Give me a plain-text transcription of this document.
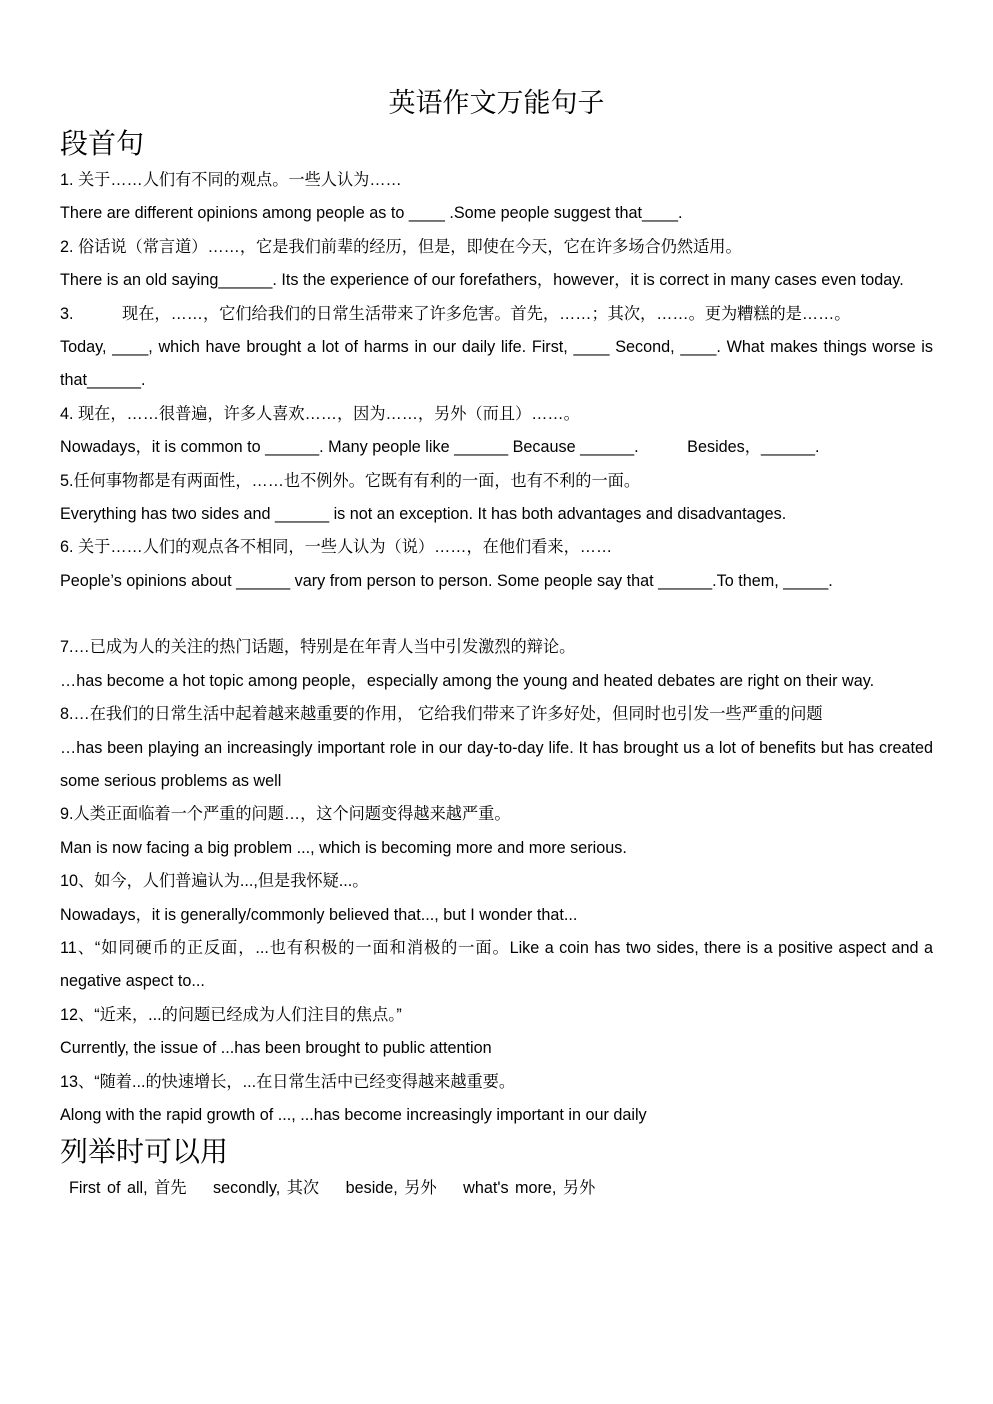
英语作文万能句子
段首句

1. 关于……人们有不同的观点。一些人认为……

There are different opinions among people as to ____ .Some people suggest that____.

2. 俗话说（常言道）……，它是我们前辈的经历，但是，即使在今天，它在许多场合仍然适用。

There is an old saying______. Its the experience of our forefathers，however，it is correct in many cases even today.

3.　　　现在，……，它们给我们的日常生活带来了许多危害。首先，……；其次，……。更为糟糕的是……。

Today, ____, which have brought a lot of harms in our daily life. First, ____ Second, ____. What makes things worse is that______.

4. 现在，……很普遍，许多人喜欢……，因为……，另外（而且）……。

Nowadays，it is common to ______. Many people like ______ Because ______.　　　Besides，______.

5.任何事物都是有两面性，……也不例外。它既有有利的一面，也有不利的一面。

Everything has two sides and ______ is not an exception. It has both advantages and disadvantages.

6. 关于……人们的观点各不相同，一些人认为（说）……，在他们看来，……

People’s opinions about ______ vary from person to person. Some people say that ______.To them, _____.

7.…已成为人的关注的热门话题，特别是在年青人当中引发激烈的辩论。

…has become a hot topic among people，especially among the young and heated debates are right on their way.

8.…在我们的日常生活中起着越来越重要的作用， 它给我们带来了许多好处，但同时也引发一些严重的问题

…has been playing an increasingly important role in our day-to-day life. It has brought us a lot of benefits but has created some serious problems as well

9.人类正面临着一个严重的问题…，这个问题变得越来越严重。

Man is now facing a big problem ..., which is becoming more and more serious.

10、如今，人们普遍认为...,但是我怀疑...。

Nowadays，it is generally/commonly believed that..., but I wonder that...

11、“如同硬币的正反面，...也有积极的一面和消极的一面。Like a coin has two sides, there is a positive aspect and a negative aspect to...

12、“近来，...的问题已经成为人们注目的焦点。”

Currently, the issue of ...has been brought to public attention

13、“随着...的快速增长，...在日常生活中已经变得越来越重要。

Along with the rapid growth of ..., ...has become increasingly important in our daily

列举时可以用

First of all, 首先 secondly, 其次 beside, 另外 what's more, 另外
